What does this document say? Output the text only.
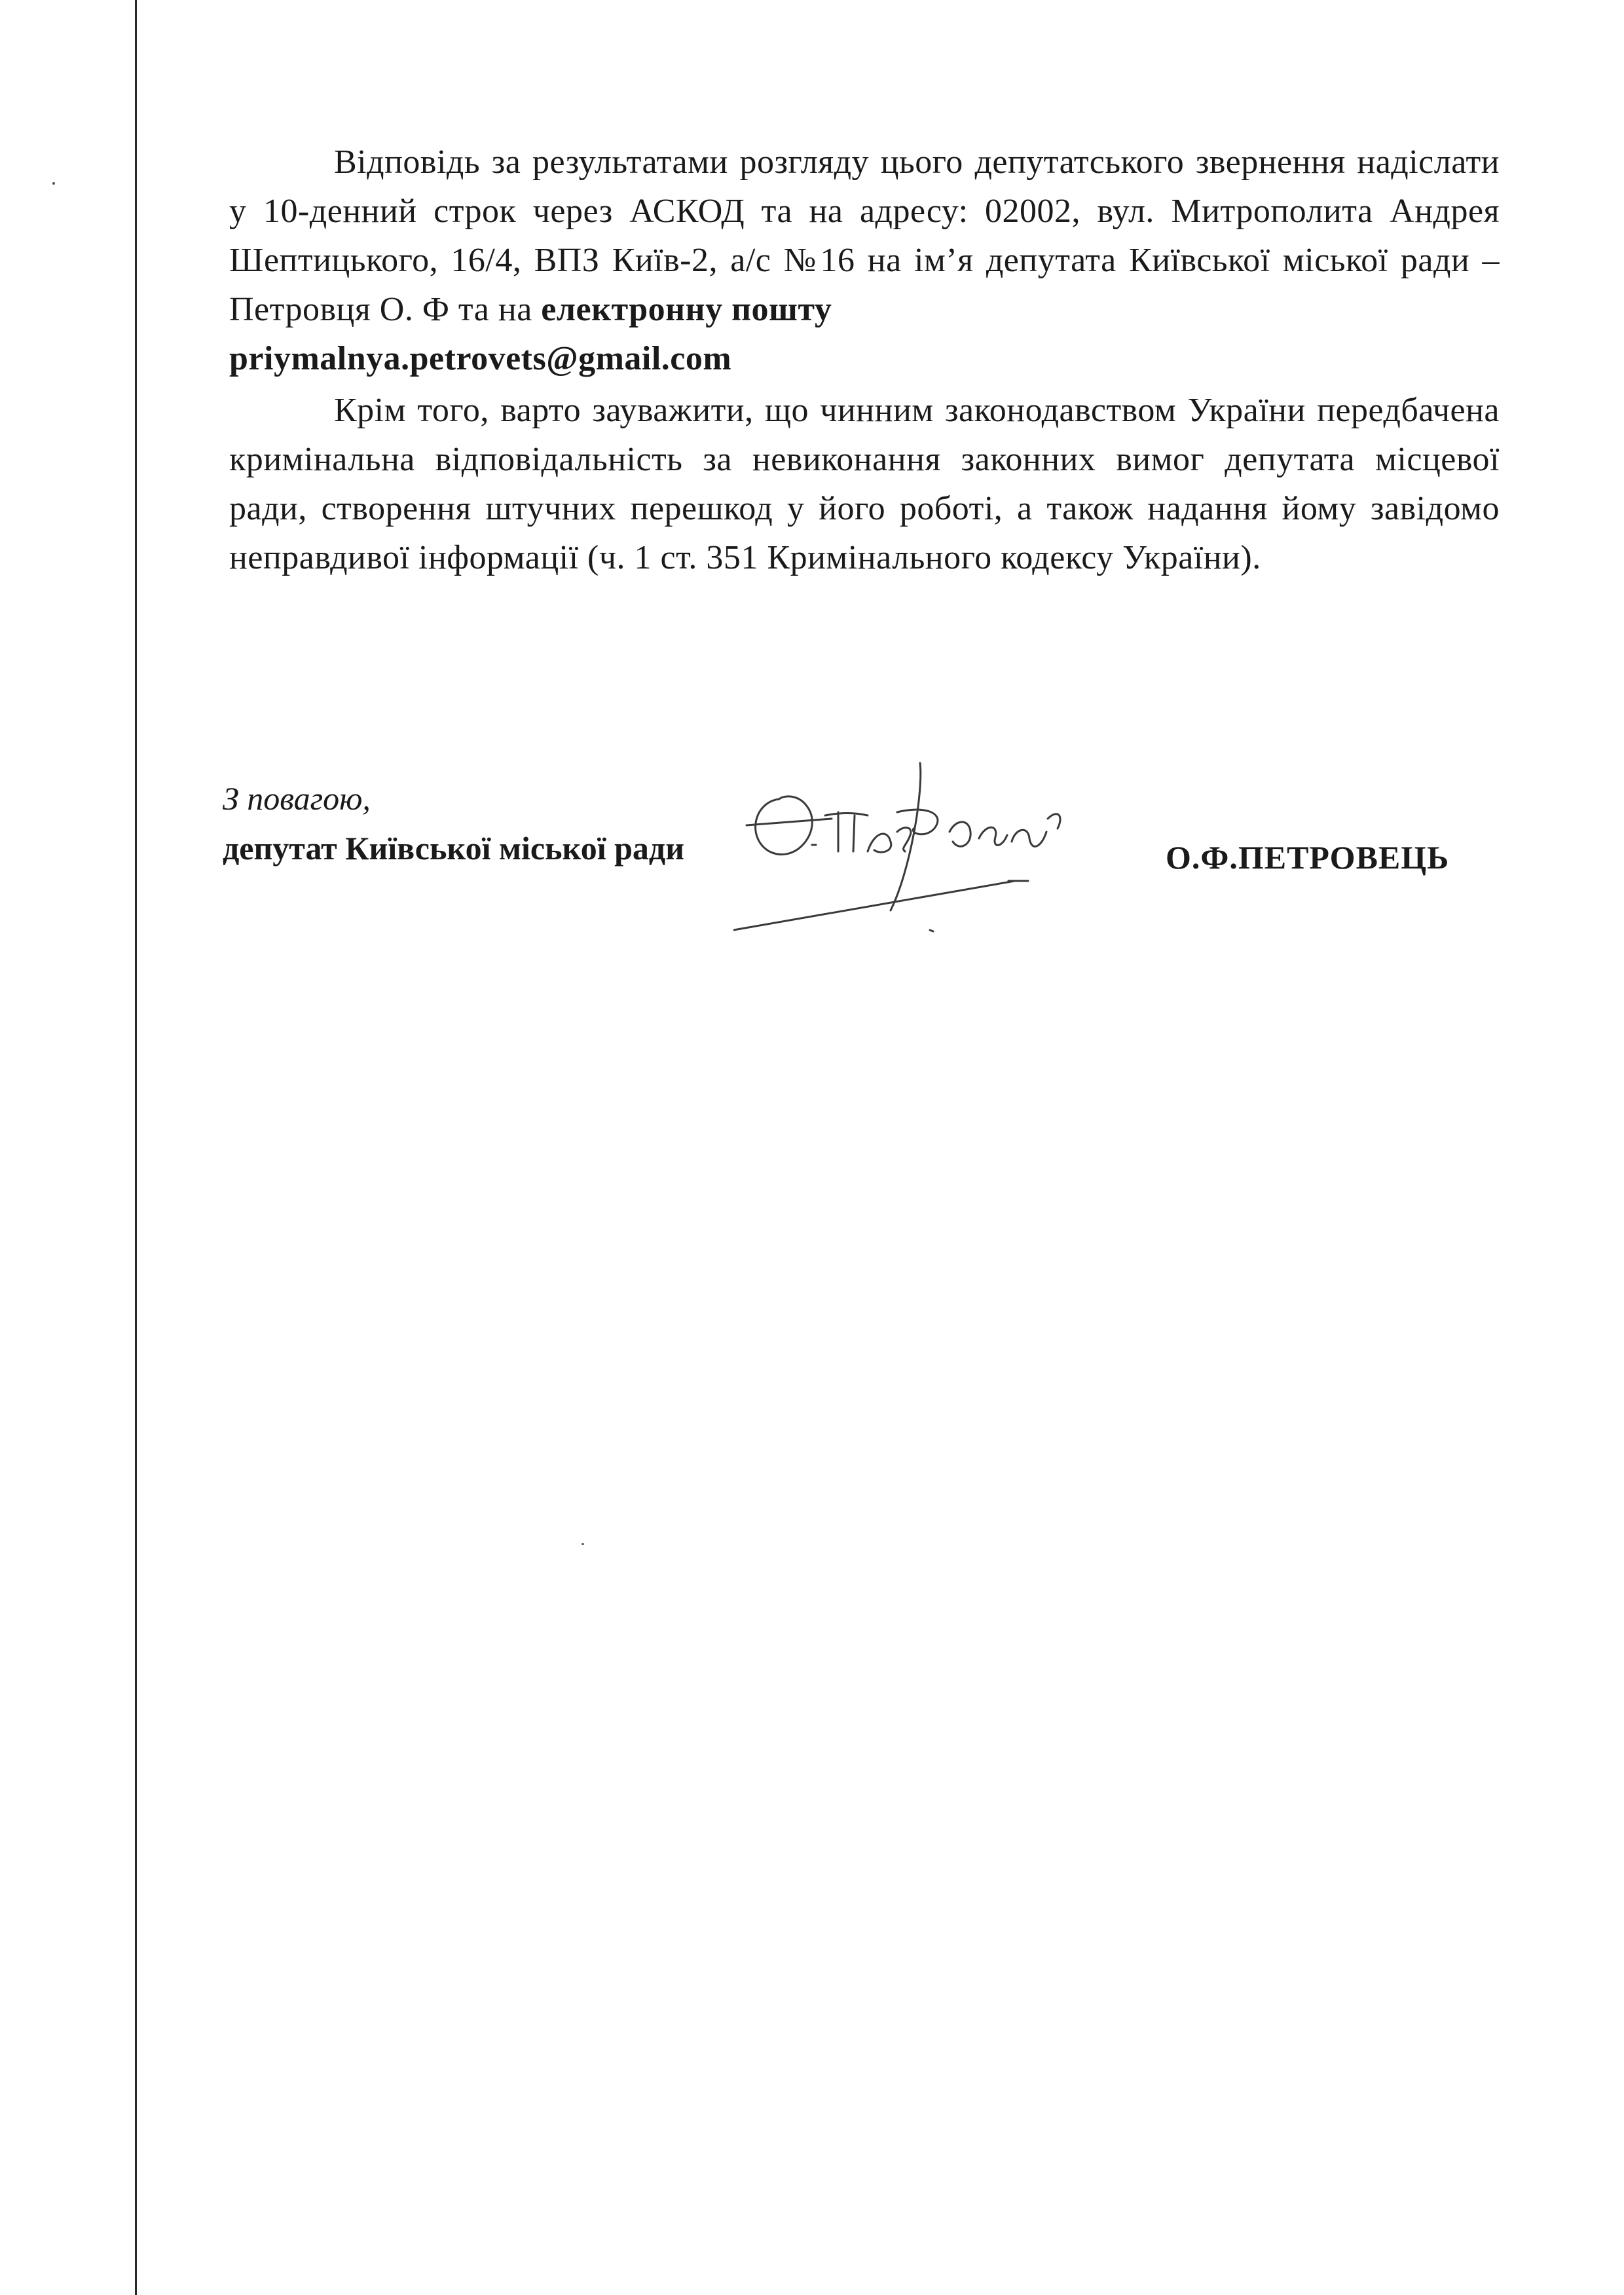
Відповідь за результатами розгляду цього депутатського звернення надіслати у 10-денний строк через АСКОД та на адресу: 02002, вул. Митрополита Андрея Шептицького, 16/4, ВПЗ Київ-2, а/с №16 на ім’я депутата Київської міської ради – Петровця О. Ф та на електронну пошту
priymalnya.petrovets@gmail.com

Крім того, варто зауважити, що чинним законодавством України передбачена кримінальна відповідальність за невиконання законних вимог депутата місцевої ради, створення штучних перешкод у його роботі, а також надання йому завідомо неправдивої інформації (ч. 1 ст. 351 Кримінального кодексу України).

З повагою,
депутат Київської міської ради	О.Ф.ПЕТРОВЕЦЬ
